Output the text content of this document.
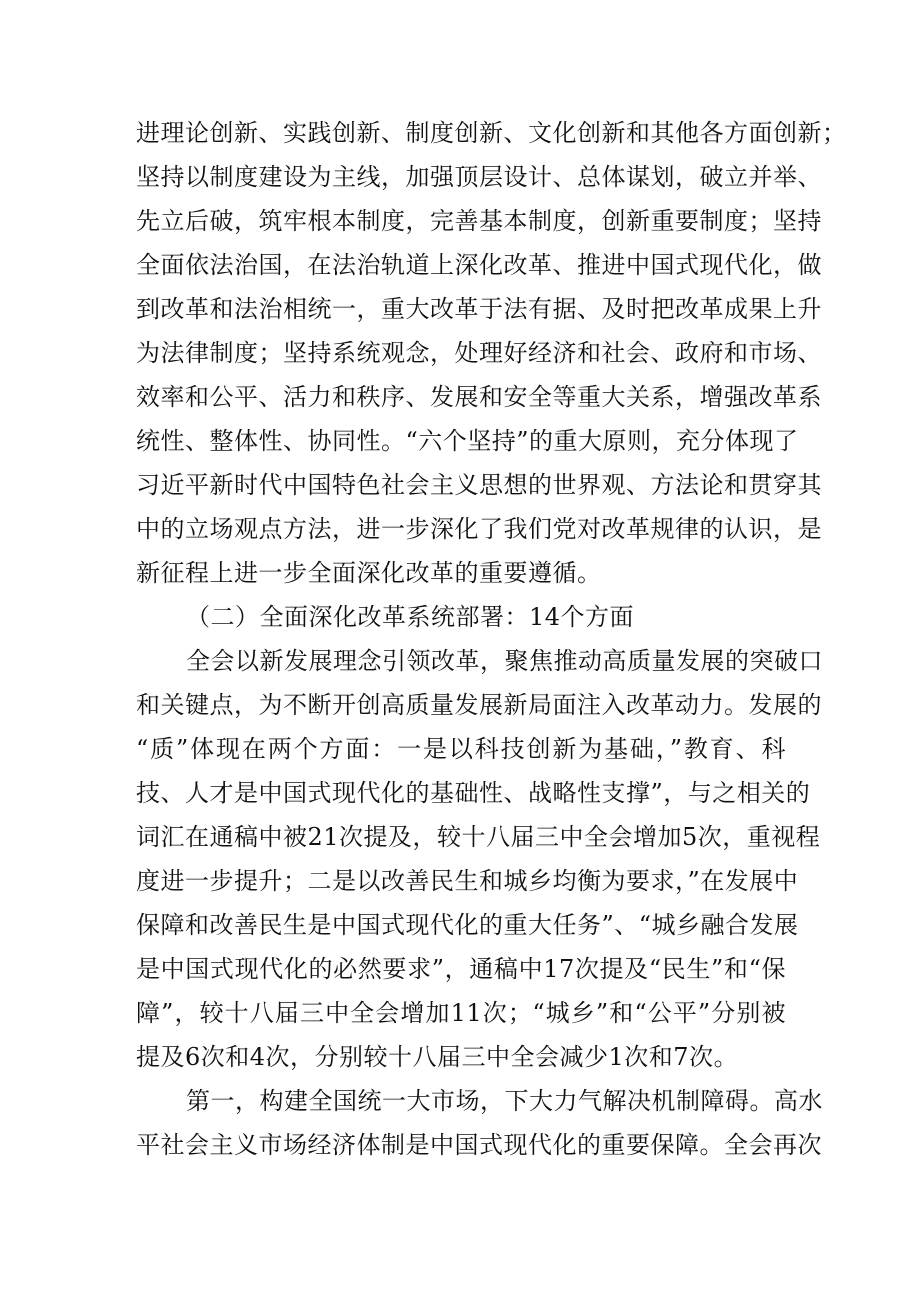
进理论创新、实践创新、制度创新、文化创新和其他各方面创新；
坚持以制度建设为主线，加强顶层设计、总体谋划，破立并举、
先立后破，筑牢根本制度，完善基本制度，创新重要制度；坚持
全面依法治国，在法治轨道上深化改革、推进中国式现代化，做
到改革和法治相统一，重大改革于法有据、及时把改革成果上升
为法律制度；坚持系统观念，处理好经济和社会、政府和市场、
效率和公平、活力和秩序、发展和安全等重大关系，增强改革系
统性、整体性、协同性。“六个坚持”的重大原则，充分体现了
习近平新时代中国特色社会主义思想的世界观、方法论和贯穿其
中的立场观点方法，进一步深化了我们党对改革规律的认识，是
新征程上进一步全面深化改革的重要遵循。
（二）全面深化改革系统部署：14个方面
全会以新发展理念引领改革，聚焦推动高质量发展的突破口
和关键点，为不断开创高质量发展新局面注入改革动力。发展的
“质”体现在两个方面：一是以科技创新为基础，”教育、科
技、人才是中国式现代化的基础性、战略性支撑”，与之相关的
词汇在通稿中被21次提及，较十八届三中全会增加5次，重视程
度进一步提升；二是以改善民生和城乡均衡为要求，”在发展中
保障和改善民生是中国式现代化的重大任务”、“城乡融合发展
是中国式现代化的必然要求”，通稿中17次提及“民生”和“保
障”，较十八届三中全会增加11次；“城乡”和“公平”分别被
提及6次和4次，分别较十八届三中全会减少1次和7次。
第一，构建全国统一大市场，下大力气解决机制障碍。高水
平社会主义市场经济体制是中国式现代化的重要保障。全会再次
